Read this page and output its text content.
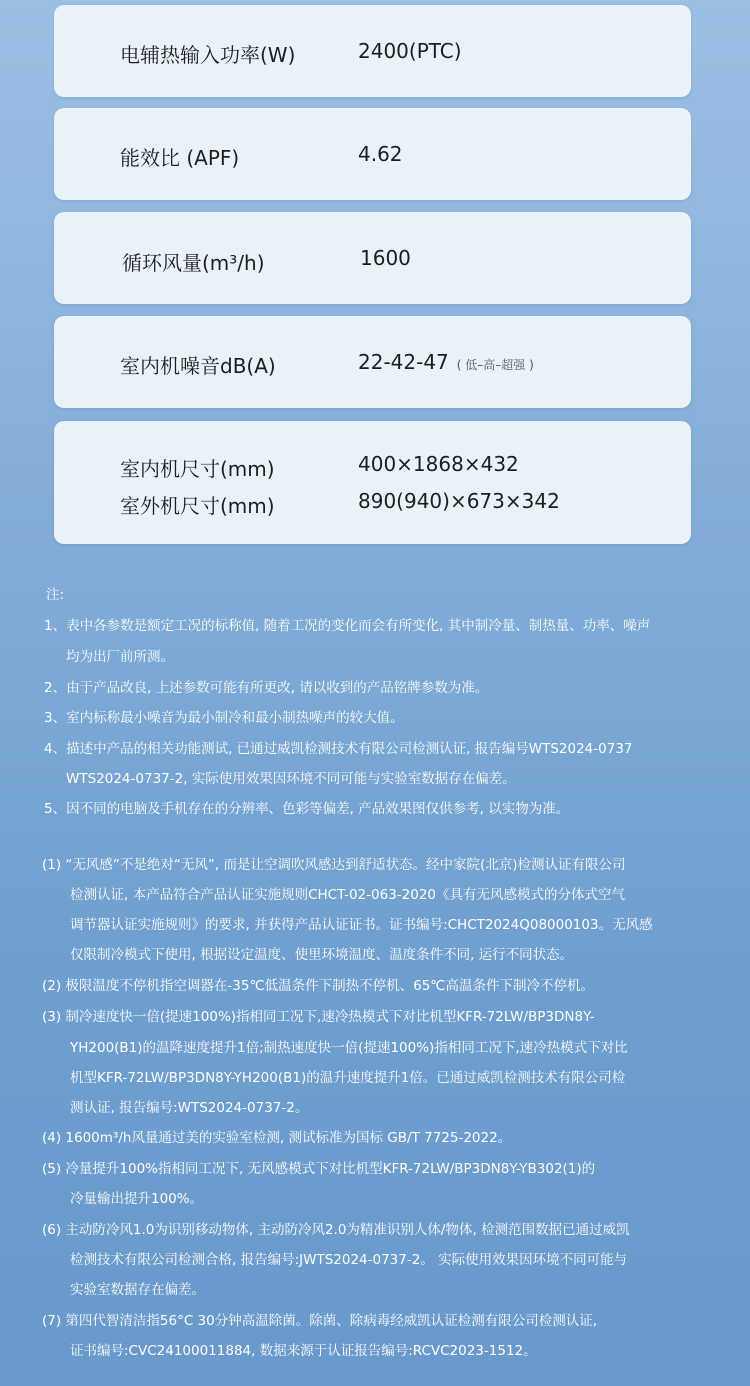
电辅热输入功率(W)	2400(PTC)
能效比 (APF)	4.62
循环风量(m³/h)	1600
室内机噪音dB(A)	22-42-47 ( 低–高–超强 )
室内机尺寸(mm)	400×1868×432
室外机尺寸(mm)	890(940)×673×342
注:
1、表中各参数是额定工况的标称值, 随着工况的变化而会有所变化, 其中制冷量、制热量、功率、噪声
均为出厂前所测。
2、由于产品改良, 上述参数可能有所更改, 请以收到的产品铭牌参数为准。
3、室内标称最小噪音为最小制冷和最小制热噪声的较大值。
4、描述中产品的相关功能测试, 已通过威凯检测技术有限公司检测认证, 报告编号WTS2024-0737
WTS2024-0737-2, 实际使用效果因环境不同可能与实验室数据存在偏差。
5、因不同的电脑及手机存在的分辨率、色彩等偏差, 产品效果图仅供参考, 以实物为准。
(1) “无风感”不是绝对“无风”, 而是让空调吹风感达到舒适状态。经中家院(北京)检测认证有限公司
检测认证, 本产品符合产品认证实施规则CHCT-02-063-2020《具有无风感模式的分体式空气
调节器认证实施规则》的要求, 并获得产品认证证书。证书编号:CHCT2024Q08000103。无风感
仅限制冷模式下使用, 根据设定温度、使里环境温度、温度条件不同, 运行不同状态。
(2) 极限温度不停机指空调器在-35℃低温条件下制热不停机、65℃高温条件下制冷不停机。
(3) 制冷速度快一倍(提速100%)指相同工况下,速冷热模式下对比机型KFR-72LW/BP3DN8Y-
YH200(B1)的温降速度提升1倍;制热速度快一倍(提速100%)指相同工况下,速冷热模式下对比
机型KFR-72LW/BP3DN8Y-YH200(B1)的温升速度提升1倍。已通过威凯检测技术有限公司检
测认证, 报告编号:WTS2024-0737-2。
(4) 1600m³/h风量通过美的实验室检测, 测试标准为国标 GB/T 7725-2022。
(5) 冷量提升100%指相同工况下, 无风感模式下对比机型KFR-72LW/BP3DN8Y-YB302(1)的
冷量输出提升100%。
(6) 主动防冷风1.0为识别移动物体, 主动防冷风2.0为精准识别人体/物体, 检测范围数据已通过威凯
检测技术有限公司检测合格, 报告编号:JWTS2024-0737-2。 实际使用效果因环境不同可能与
实验室数据存在偏差。
(7) 第四代智清洁指56°C 30分钟高温除菌。除菌、除病毒经威凯认证检测有限公司检测认证,
证书编号:CVC24100011884, 数据来源于认证报告编号:RCVC2023-1512。
